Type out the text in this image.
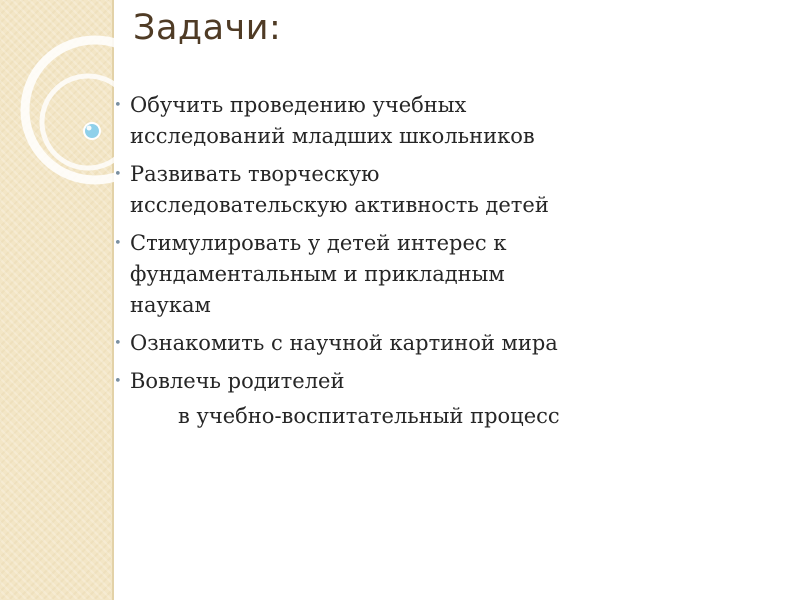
Задачи:
• Обучить проведению учебных
исследований младших школьников
• Развивать творческую
исследовательскую активность детей
• Стимулировать у детей интерес к
фундаментальным и прикладным
наукам
• Ознакомить с научной картиной мира
• Вовлечь родителей
в учебно-воспитательный процесс
